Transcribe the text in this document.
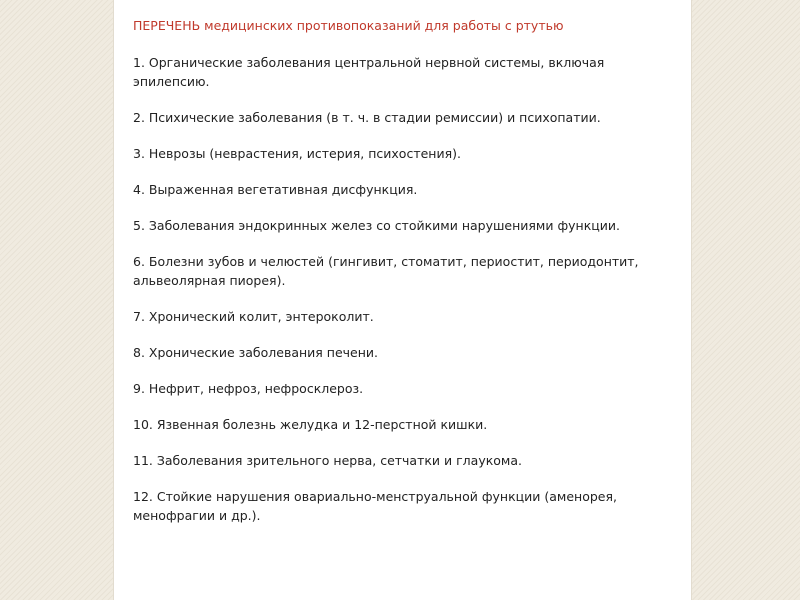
ПЕРЕЧЕНЬ медицинских противопоказаний для работы с ртутью
1. Органические заболевания центральной нервной системы, включая эпилепсию.
2. Психические заболевания (в т. ч. в стадии ремиссии) и психопатии.
3. Неврозы (неврастения, истерия, психостения).
4. Выраженная вегетативная дисфункция.
5. Заболевания эндокринных желез со стойкими нарушениями функции.
6. Болезни зубов и челюстей (гингивит, стоматит, периостит, периодонтит, альвеолярная пиорея).
7. Хронический колит, энтероколит.
8. Хронические заболевания печени.
9. Нефрит, нефроз, нефросклероз.
10. Язвенная болезнь желудка и 12-перстной кишки.
11. Заболевания зрительного нерва, сетчатки и глаукома.
12. Стойкие нарушения овариально-менструальной функции (аменорея, менофрагии и др.).
